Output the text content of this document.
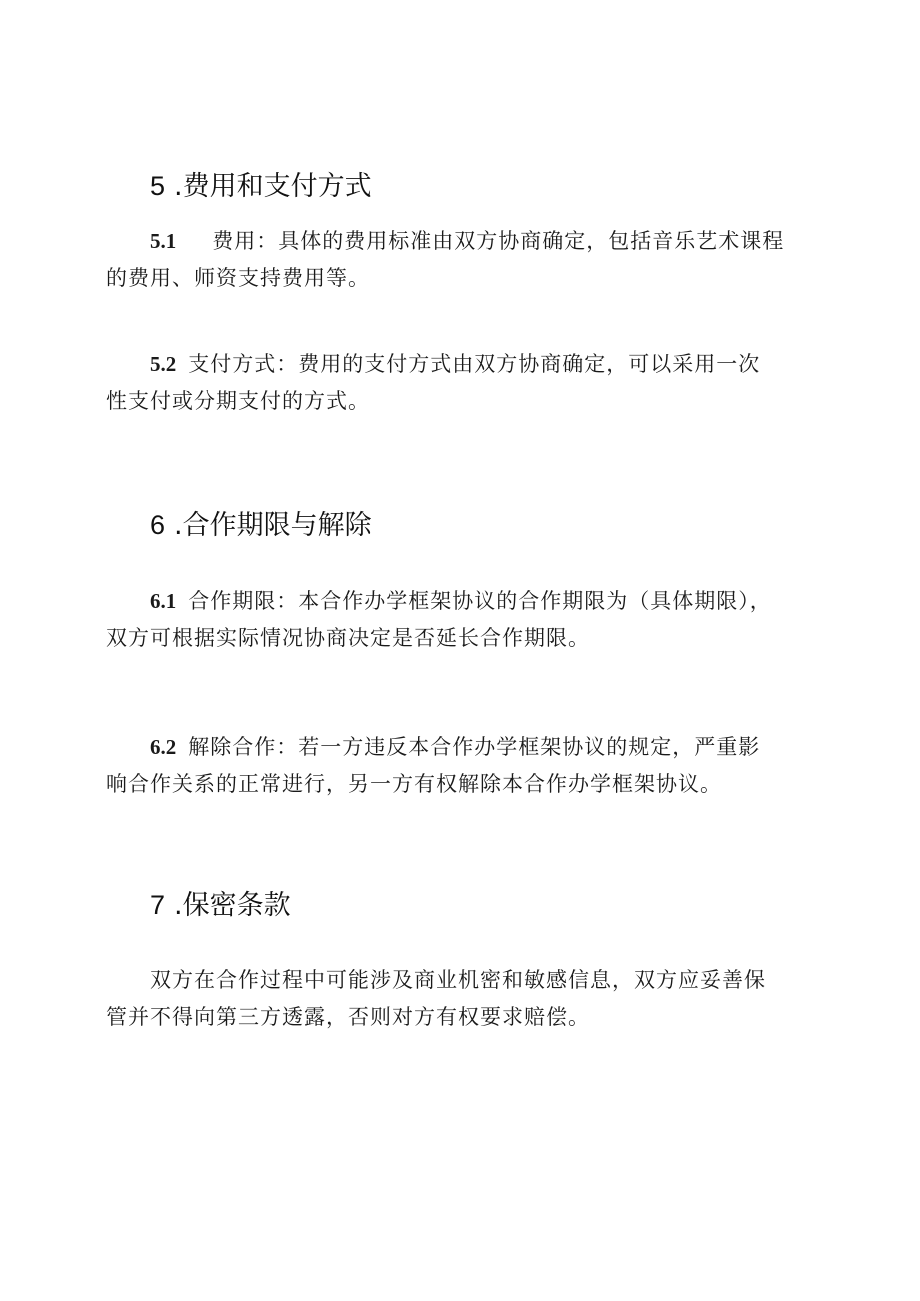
5 .费用和支付方式
5.1 费用：具体的费用标准由双方协商确定，包括音乐艺术课程
的费用、师资支持费用等。
5.2 支付方式：费用的支付方式由双方协商确定，可以采用一次
性支付或分期支付的方式。
6 .合作期限与解除
6.1 合作期限：本合作办学框架协议的合作期限为（具体期限），
双方可根据实际情况协商决定是否延长合作期限。
6.2 解除合作：若一方违反本合作办学框架协议的规定，严重影
响合作关系的正常进行，另一方有权解除本合作办学框架协议。
7 .保密条款
双方在合作过程中可能涉及商业机密和敏感信息，双方应妥善保
管并不得向第三方透露，否则对方有权要求赔偿。
